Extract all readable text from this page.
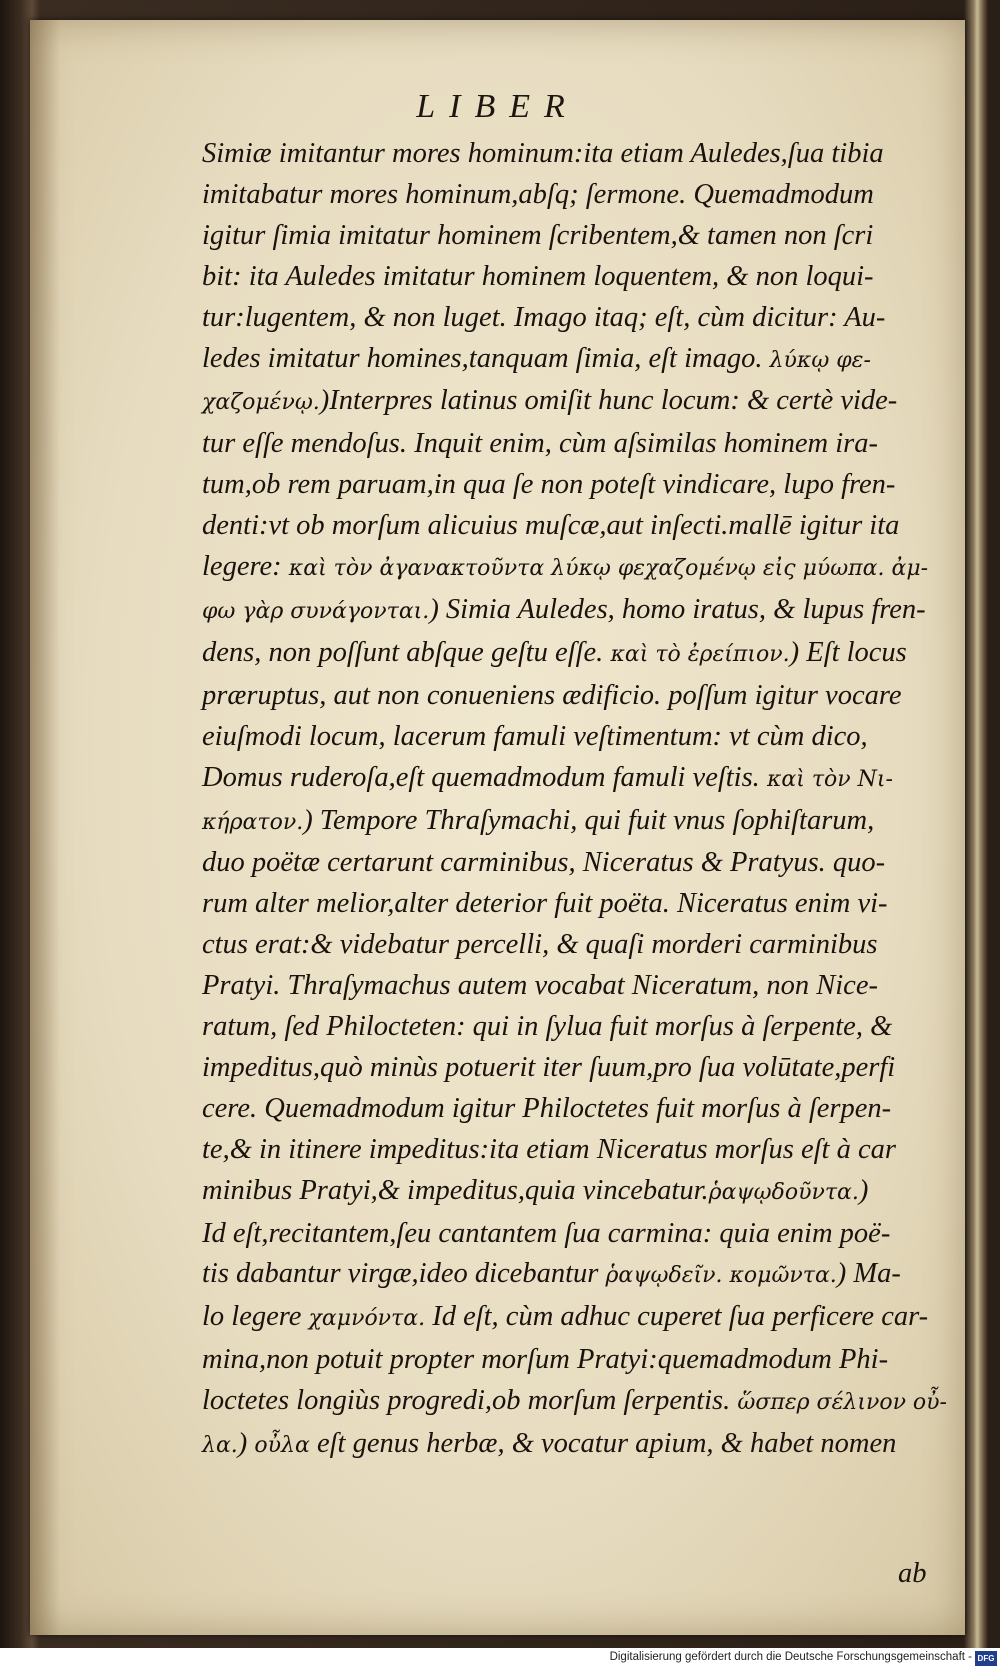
LIBER
Simiæ imitantur mores hominum:ita etiam Auledes,ſua tibia
imitabatur mores hominum,abſq; ſermone. Quemadmodum
igitur ſimia imitatur hominem ſcribentem,& tamen non ſcri
bit: ita Auledes imitatur hominem loquentem, & non loqui-
tur:lugentem, & non luget. Imago itaq; eſt, cùm dicitur: Au-
ledes imitatur homines,tanquam ſimia, eſt imago. λύκῳ φε-
χαζομένῳ.)Interpres latinus omiſit hunc locum: & certè vide-
tur eſſe mendoſus. Inquit enim, cùm aſsimilas hominem ira-
tum,ob rem paruam,in qua ſe non poteſt vindicare, lupo fren-
denti:vt ob morſum alicuius muſcæ,aut inſecti.mallē igitur ita
legere: καὶ τὸν ἀγανακτοῦντα λύκῳ φεχαζομένῳ εἰς μύωπα. ἀμ-
φω γὰρ συνάγονται.) Simia Auledes, homo iratus, & lupus fren-
dens, non poſſunt abſque geſtu eſſe. καὶ τὸ ἐρείπιον.) Eſt locus
præruptus, aut non conueniens ædificio. poſſum igitur vocare
eiuſmodi locum, lacerum famuli veſtimentum: vt cùm dico,
Domus ruderoſa,eſt quemadmodum famuli veſtis. καὶ τὸν Νι-
κήρατον.) Tempore Thraſymachi, qui fuit vnus ſophiſtarum,
duo poëtæ certarunt carminibus, Niceratus & Pratyus. quo-
rum alter melior,alter deterior fuit poëta. Niceratus enim vi-
ctus erat:& videbatur percelli, & quaſi morderi carminibus
Pratyi. Thraſymachus autem vocabat Niceratum, non Nice-
ratum, ſed Philocteten: qui in ſylua fuit morſus à ſerpente, &
impeditus,quò minùs potuerit iter ſuum,pro ſua volūtate,perfi
cere. Quemadmodum igitur Philoctetes fuit morſus à ſerpen-
te,& in itinere impeditus:ita etiam Niceratus morſus eſt à car
minibus Pratyi,& impeditus,quia vincebatur.ῥαψῳδοῦντα.)
Id eſt,recitantem,ſeu cantantem ſua carmina: quia enim poë-
tis dabantur virgæ,ideo dicebantur ῥαψῳδεῖν. κομῶντα.) Ma-
lo legere χαμνόντα. Id eſt, cùm adhuc cuperet ſua perficere car-
mina,non potuit propter morſum Pratyi:quemadmodum Phi-
loctetes longiùs progredi,ob morſum ſerpentis. ὥσπερ σέλινον οὖ-
λα.) οὖλα eſt genus herbæ, & vocatur apium, & habet nomen
ab
Digitalisierung gefördert durch die Deutsche Forschungsgemeinschaft - DFG
